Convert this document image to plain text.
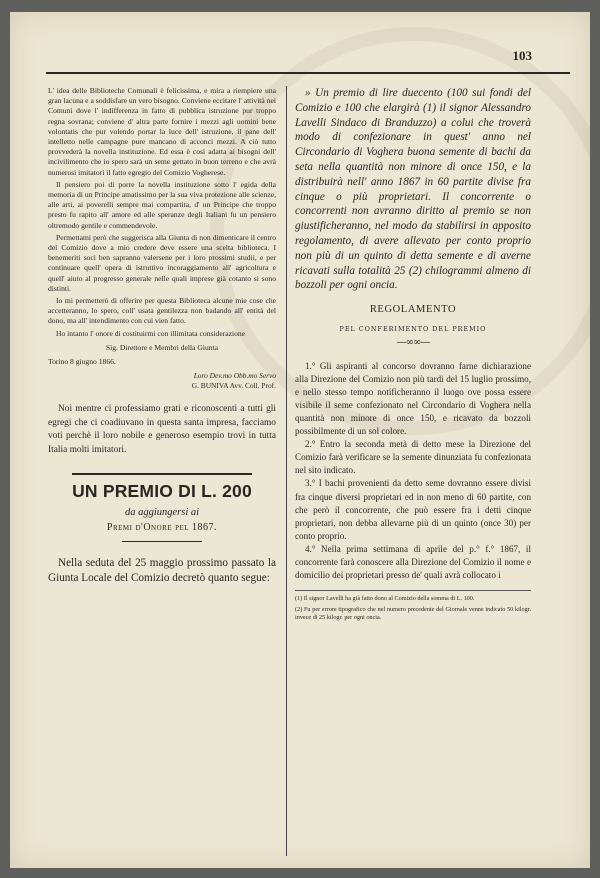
103

L' idea delle Biblioteche Comunali è felicissima, e mira a riempiere una gran lacuna e a soddisfare un vero bisogno. Conviene eccitare l' attività nei Comuni dove l' indifferenza in fatto di pubblica istruzione pur troppo regna sovrana; conviene d' altra parte fornire i mezzi agli uomini bene volontatis che pur volendo portar la luce dell' istruzione, il pane dell' intelletto nelle campagne pure mancano di acconci mezzi. A ciò tutto provvederà la novella instituzione. Ed essa è così adatta ai bisogni dell' incivilimento che io spero sarà un seme gettato in buon terreno e che avrà numerosi imitatori il fatto egregio del Comizio Vogherese.

Il pensiero poi di porre la novella instituzione sotto l' egida della memoria di un Principe amatissimo per la sua viva protezione alle scienze, alle arti, ai poverelli sempre mai compartita, d' un Principe che troppo presto fu rapito all' amore ed alle speranze degli Italiani fu un pensiero oltremodo gentile e commendevole.

Permettami però che suggerisca alla Giunta di non dimenticare il centro del Comizio dove a mio credere deve essere una scelta biblioteca. I benemeriti soci ben sapranno valersene per i loro prossimi studii, e per continuare quell' opera di istruttivo incoraggiamento all' agricoltura e quell' aiuto al progresso generale nelle quali imprese già cotanto si sono distinti.

Io mi permetterò di offerire per questa Biblioteca alcune mie cose che accetteranno, lo spero, coll' usata gentilezza non badando all' entità del dono, ma all' intendimento con cui vien fatto.

Ho intanto l' onore di costituirmi con illimitata considerazione

Sig. Direttore e Membri della Giunta

Torino 8 giugno 1866.

Loro Dev.mo Obb.mo Servo
G. BUNIVA Avv. Coll. Prof.

Noi mentre ci professiamo grati e riconoscenti a tutti gli egregi che ci coadiuvano in questa santa impresa, facciamo voti perchè il loro nobile e generoso esempio trovi in tutta Italia molti imitatori.

UN PREMIO DI L. 200
da aggiungersi ai
Premi d'Onore pel 1867.

Nella seduta del 25 maggio prossimo passato la Giunta Locale del Comizio decretò quanto segue:

» Un premio di lire duecento (100 sui fondi del Comizio e 100 che elargirà (1) il signor Alessandro Lavelli Sindaco di Branduzzo) a colui che troverà modo di confezionare in quest' anno nel Circondario di Voghera buona semente di bachi da seta nella quantità non minore di once 150, e la distribuirà nell' anno 1867 in 60 partite divise fra cinque o più proprietari. Il concorrente o concorrenti non avranno diritto al premio se non giustificheranno, nel modo da stabilirsi in apposito regolamento, di avere allevato per conto proprio non più di un quinto di detta semente e di averne ricavati sulla totalità 25 (2) chilogrammi almeno di bozzoli per ogni oncia.

REGOLAMENTO
PEL CONFERIMENTO DEL PREMIO
—∞∞—

1.° Gli aspiranti al concorso dovranno farne dichiarazione alla Direzione del Comizio non più tardi del 15 luglio prossimo, e nello stesso tempo notificheranno il luogo ove possa essere visibile il seme confezionato nel Circondario di Voghera nella quantità non minore di once 150, e ricavato da bozzoli possibilmente di un sol colore.

2.° Entro la seconda metà di detto mese la Direzione del Comizio farà verificare se la semente dinunziata fu confezionata nel sito indicato.

3.° I bachi provenienti da detto seme dovranno essere divisi fra cinque diversi proprietari ed in non meno di 60 partite, con che però il concorrente, che può essere fra i detti cinque proprietari, non debba allevarne più di un quinto (once 30) per conto proprio.

4.° Nella prima settimana di aprile del p.° f.° 1867, il concorrente farà conoscere alla Direzione del Comizio il nome e domicilio dei proprietari presso de' quali avrà collocato i

(1) Il signor Lavelli ha già fatto dono al Comizio della somma di L. 100.

(2) Fu per errore tipografico che nel numero precedente del Giornale venne indicato 50 kilogr. invece di 25 kilogr. per ogni oncia.
